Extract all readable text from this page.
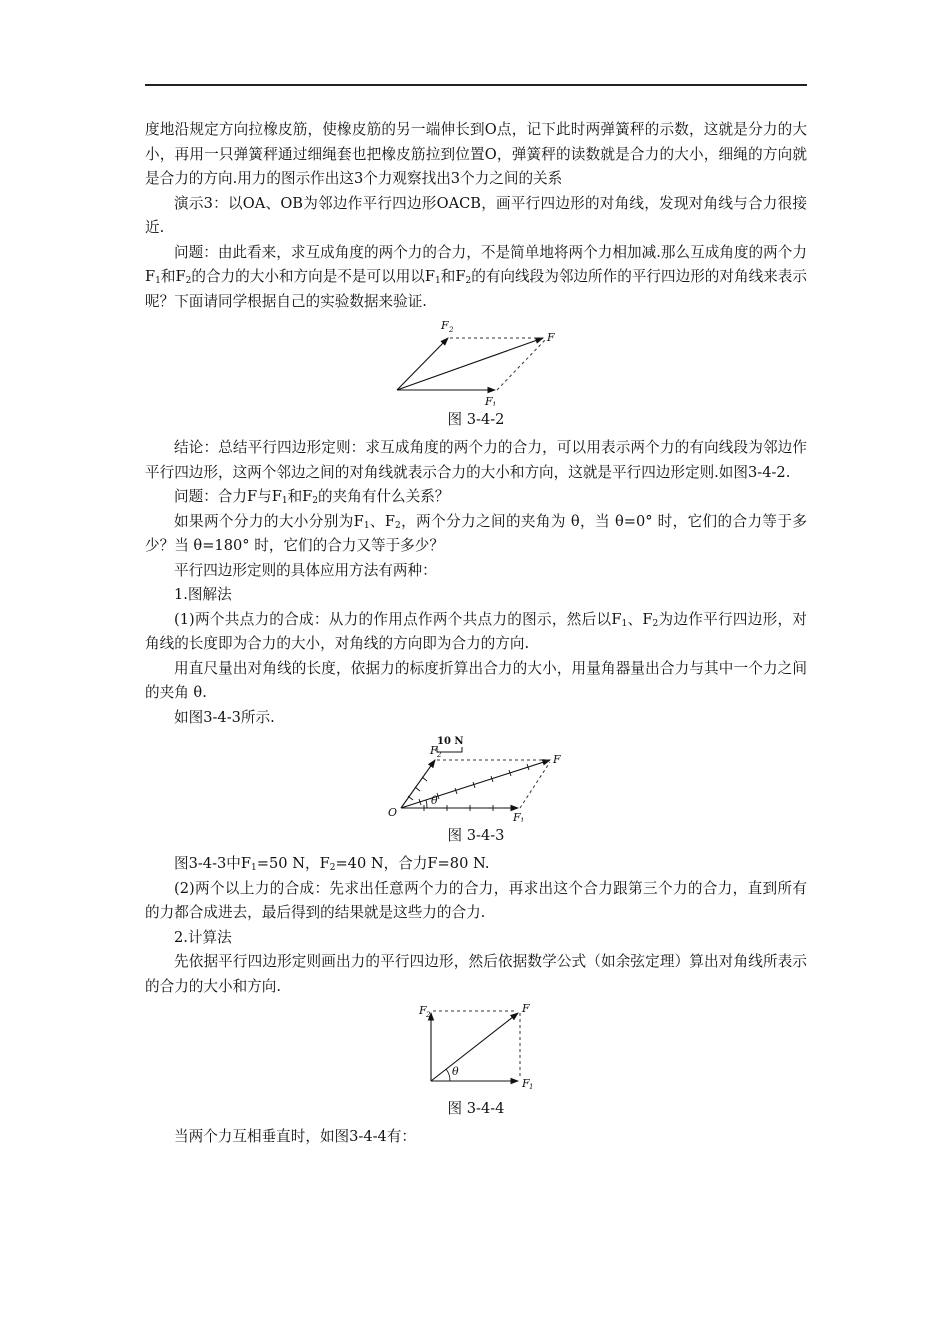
度地沿规定方向拉橡皮筋，使橡皮筋的另一端伸长到O点，记下此时两弹簧秤的示数，这就是分力的大小，再用一只弹簧秤通过细绳套也把橡皮筋拉到位置O，弹簧秤的读数就是合力的大小，细绳的方向就是合力的方向.用力的图示作出这3个力观察找出3个力之间的关系

演示3：以OA、OB为邻边作平行四边形OACB，画平行四边形的对角线，发现对角线与合力很接近.

问题：由此看来，求互成角度的两个力的合力，不是简单地将两个力相加减.那么互成角度的两个力$F_1$和$F_2$的合力的大小和方向是不是可以用以$F_1$和$F_2$的有向线段为邻边所作的平行四边形的对角线来表示呢？下面请同学根据自己的实验数据来验证.

F 2
F
F 1
图 3-4-2

结论：总结平行四边形定则：求互成角度的两个力的合力，可以用表示两个力的有向线段为邻边作平行四边形，这两个邻边之间的对角线就表示合力的大小和方向，这就是平行四边形定则.如图3-4-2.

问题：合力F与$F_1$和$F_2$的夹角有什么关系？

如果两个分力的大小分别为$F_1$、$F_2$，两个分力之间的夹角为 θ，当 θ=0° 时，它们的合力等于多少？当 θ=180° 时，它们的合力又等于多少？

平行四边形定则的具体应用方法有两种：

1.图解法

(1)两个共点力的合成：从力的作用点作两个共点力的图示，然后以$F_1$、$F_2$为边作平行四边形，对角线的长度即为合力的大小，对角线的方向即为合力的方向.

用直尺量出对角线的长度，依据力的标度折算出合力的大小，用量角器量出合力与其中一个力之间的夹角 θ.

如图3-4-3所示.

10 N
θ
O
F 2	F
F 1
图 3-4-3

图3-4-3中$F_1=50$ N，$F_2=40$ N，合力F=80 N.

(2)两个以上力的合成：先求出任意两个力的合力，再求出这个合力跟第三个力的合力，直到所有的力都合成进去，最后得到的结果就是这些力的合力.

2.计算法

先依据平行四边形定则画出力的平行四边形，然后依据数学公式（如余弦定理）算出对角线所表示的合力的大小和方向.

θ
F 2	F
F 1
图 3-4-4

当两个力互相垂直时，如图3-4-4有：
